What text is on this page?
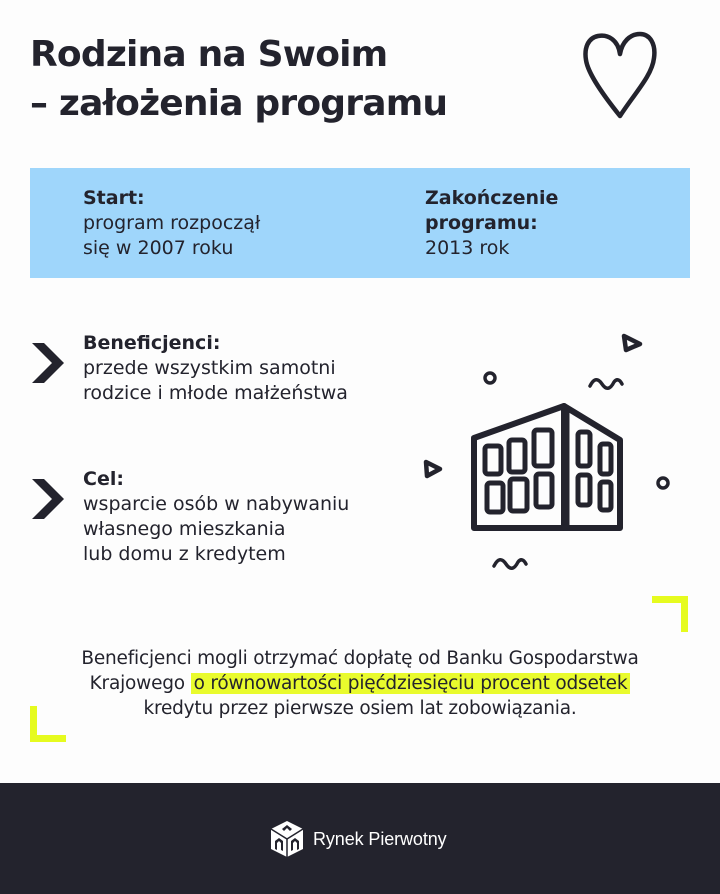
Rodzina na Swoim
– założenia programu
Start:
program rozpoczął
się w 2007 roku
Zakończenie
programu:
2013 rok
Beneficjenci:
przede wszystkim samotni
rodzice i młode małżeństwa
Cel:
wsparcie osób w nabywaniu
własnego mieszkania
lub domu z kredytem
Beneficjenci mogli otrzymać dopłatę od Banku Gospodarstwa
Krajowego o równowartości pięćdziesięciu procent odsetek
kredytu przez pierwsze osiem lat zobowiązania.
Rynek Pierwotny
